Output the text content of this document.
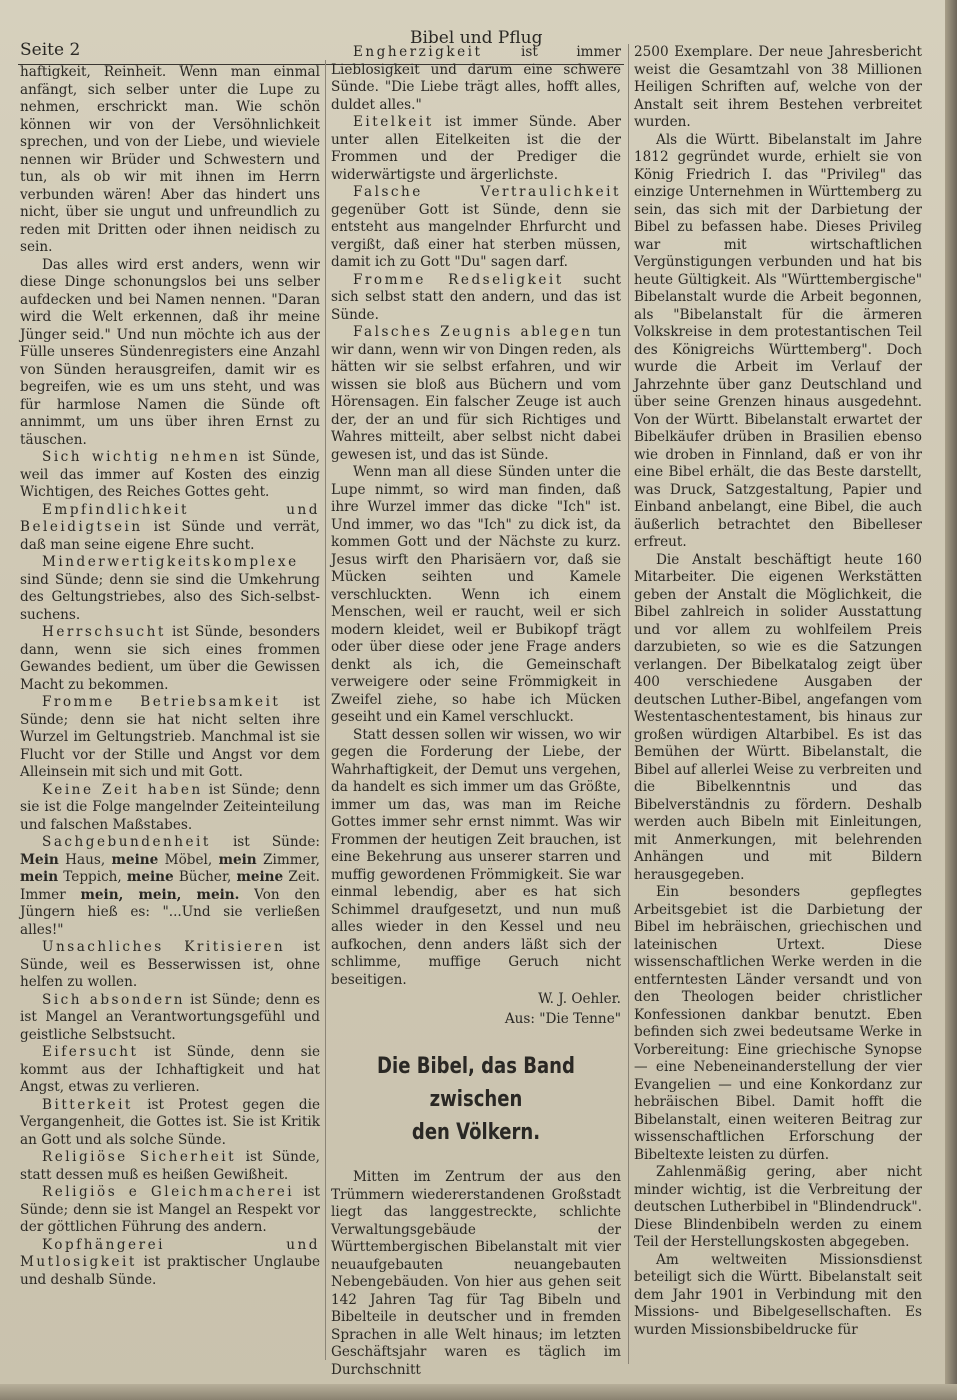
Seite 2
Bibel und Pflug

haftigkeit, Reinheit. Wenn man einmal anfängt, sich selber unter die Lupe zu nehmen, erschrickt man. Wie schön können wir von der Versöhnlichkeit sprechen, und von der Liebe, und wieviele nennen wir Brüder und Schwestern und tun, als ob wir mit ihnen im Herrn verbunden wären! Aber das hindert uns nicht, über sie ungut und unfreundlich zu reden mit Dritten oder ihnen neidisch zu sein.

Das alles wird erst anders, wenn wir diese Dinge schonungslos bei uns selber aufdecken und bei Namen nennen. "Daran wird die Welt erkennen, daß ihr meine Jünger seid." Und nun möchte ich aus der Fülle unseres Sündenregisters eine Anzahl von Sünden herausgreifen, damit wir es begreifen, wie es um uns steht, und was für harmlose Namen die Sünde oft annimmt, um uns über ihren Ernst zu täuschen.

Sich wichtig nehmen ist Sünde, weil das immer auf Kosten des einzig Wichtigen, des Reiches Gottes geht.

Empfindlichkeit und Beleidigtsein ist Sünde und verrät, daß man seine eigene Ehre sucht.

Minderwertigkeitskomplexe sind Sünde; denn sie sind die Umkehrung des Geltungstriebes, also des Sich-selbst-suchens.

Herrschsucht ist Sünde, besonders dann, wenn sie sich eines frommen Gewandes bedient, um über die Gewissen Macht zu bekommen.

Fromme Betriebsamkeit ist Sünde; denn sie hat nicht selten ihre Wurzel im Geltungstrieb. Manchmal ist sie Flucht vor der Stille und Angst vor dem Alleinsein mit sich und mit Gott.

Keine Zeit haben ist Sünde; denn sie ist die Folge mangelnder Zeiteinteilung und falschen Maßstabes.

Sachgebundenheit ist Sünde: Mein Haus, meine Möbel, mein Zimmer, mein Teppich, meine Bücher, meine Zeit. Immer mein, mein, mein. Von den Jüngern hieß es: "...Und sie verließen alles!"

Unsachliches Kritisieren ist Sünde, weil es Besserwissen ist, ohne helfen zu wollen.

Sich absondern ist Sünde; denn es ist Mangel an Verantwortungsgefühl und geistliche Selbstsucht.

Eifersucht ist Sünde, denn sie kommt aus der Ichhaftigkeit und hat Angst, etwas zu verlieren.

Bitterkeit ist Protest gegen die Vergangenheit, die Gottes ist. Sie ist Kritik an Gott und als solche Sünde.

Religiöse Sicherheit ist Sünde, statt dessen muß es heißen Gewißheit.

Religiös e Gleichmacherei ist Sünde; denn sie ist Mangel an Respekt vor der göttlichen Führung des andern.

Kopfhängerei und Mutlosigkeit ist praktischer Unglaube und deshalb Sünde.

Engherzigkeit ist immer Lieblosigkeit und darum eine schwere Sünde. "Die Liebe trägt alles, hofft alles, duldet alles."

Eitelkeit ist immer Sünde. Aber unter allen Eitelkeiten ist die der Frommen und der Prediger die widerwärtigste und ärgerlichste.

Falsche Vertraulichkeit gegenüber Gott ist Sünde, denn sie entsteht aus mangelnder Ehrfurcht und vergißt, daß einer hat sterben müssen, damit ich zu Gott "Du" sagen darf.

Fromme Redseligkeit sucht sich selbst statt den andern, und das ist Sünde.

Falsches Zeugnis ablegen tun wir dann, wenn wir von Dingen reden, als hätten wir sie selbst erfahren, und wir wissen sie bloß aus Büchern und vom Hörensagen. Ein falscher Zeuge ist auch der, der an und für sich Richtiges und Wahres mitteilt, aber selbst nicht dabei gewesen ist, und das ist Sünde.

Wenn man all diese Sünden unter die Lupe nimmt, so wird man finden, daß ihre Wurzel immer das dicke "Ich" ist. Und immer, wo das "Ich" zu dick ist, da kommen Gott und der Nächste zu kurz. Jesus wirft den Pharisäern vor, daß sie Mücken seihten und Kamele verschluckten. Wenn ich einem Menschen, weil er raucht, weil er sich modern kleidet, weil er Bubikopf trägt oder über diese oder jene Frage anders denkt als ich, die Gemeinschaft verweigere oder seine Frömmigkeit in Zweifel ziehe, so habe ich Mücken geseiht und ein Kamel verschluckt.

Statt dessen sollen wir wissen, wo wir gegen die Forderung der Liebe, der Wahrhaftigkeit, der Demut uns vergehen, da handelt es sich immer um das Größte, immer um das, was man im Reiche Gottes immer sehr ernst nimmt. Was wir Frommen der heutigen Zeit brauchen, ist eine Bekehrung aus unserer starren und muffig gewordenen Frömmigkeit. Sie war einmal lebendig, aber es hat sich Schimmel draufgesetzt, und nun muß alles wieder in den Kessel und neu aufkochen, denn anders läßt sich der schlimme, muffige Geruch nicht beseitigen.

W. J. Oehler.

Aus: "Die Tenne"

Die Bibel, das Band zwischen
den Völkern.

Mitten im Zentrum der aus den Trümmern wiedererstandenen Großstadt liegt das langgestreckte, schlichte Verwaltungsgebäude der Württembergischen Bibelanstalt mit vier neuaufgebauten neuangebauten Nebengebäuden. Von hier aus gehen seit 142 Jahren Tag für Tag Bibeln und Bibelteile in deutscher und in fremden Sprachen in alle Welt hinaus; im letzten Geschäftsjahr waren es täglich im Durchschnitt

2500 Exemplare. Der neue Jahresbericht weist die Gesamtzahl von 38 Millionen Heiligen Schriften auf, welche von der Anstalt seit ihrem Bestehen verbreitet wurden.

Als die Württ. Bibelanstalt im Jahre 1812 gegründet wurde, erhielt sie von König Friedrich I. das "Privileg" das einzige Unternehmen in Württemberg zu sein, das sich mit der Darbietung der Bibel zu befassen habe. Dieses Privileg war mit wirtschaftlichen Vergünstigungen verbunden und hat bis heute Gültigkeit. Als "Württembergische" Bibelanstalt wurde die Arbeit begonnen, als "Bibelanstalt für die ärmeren Volkskreise in dem protestantischen Teil des Königreichs Württemberg". Doch wurde die Arbeit im Verlauf der Jahrzehnte über ganz Deutschland und über seine Grenzen hinaus ausgedehnt. Von der Württ. Bibelanstalt erwartet der Bibelkäufer drüben in Brasilien ebenso wie droben in Finnland, daß er von ihr eine Bibel erhält, die das Beste darstellt, was Druck, Satzgestaltung, Papier und Einband anbelangt, eine Bibel, die auch äußerlich betrachtet den Bibelleser erfreut.

Die Anstalt beschäftigt heute 160 Mitarbeiter. Die eigenen Werkstätten geben der Anstalt die Möglichkeit, die Bibel zahlreich in solider Ausstattung und vor allem zu wohlfeilem Preis darzubieten, so wie es die Satzungen verlangen. Der Bibelkatalog zeigt über 400 verschiedene Ausgaben der deutschen Luther-Bibel, angefangen vom Westentaschentestament, bis hinaus zur großen würdigen Altarbibel. Es ist das Bemühen der Württ. Bibelanstalt, die Bibel auf allerlei Weise zu verbreiten und die Bibelkenntnis und das Bibelverständnis zu fördern. Deshalb werden auch Bibeln mit Einleitungen, mit Anmerkungen, mit belehrenden Anhängen und mit Bildern herausgegeben.

Ein besonders gepflegtes Arbeitsgebiet ist die Darbietung der Bibel im hebräischen, griechischen und lateinischen Urtext. Diese wissenschaftlichen Werke werden in die entferntesten Länder versandt und von den Theologen beider christlicher Konfessionen dankbar benutzt. Eben befinden sich zwei bedeutsame Werke in Vorbereitung: Eine griechische Synopse — eine Nebeneinanderstellung der vier Evangelien — und eine Konkordanz zur hebräischen Bibel. Damit hofft die Bibelanstalt, einen weiteren Beitrag zur wissenschaftlichen Erforschung der Bibeltexte leisten zu dürfen.

Zahlenmäßig gering, aber nicht minder wichtig, ist die Verbreitung der deutschen Lutherbibel in "Blindendruck". Diese Blindenbibeln werden zu einem Teil der Herstellungskosten abgegeben.

Am weltweiten Missionsdienst beteiligt sich die Württ. Bibelanstalt seit dem Jahr 1901 in Verbindung mit den Missions- und Bibelgesellschaften. Es wurden Missionsbibeldrucke für
